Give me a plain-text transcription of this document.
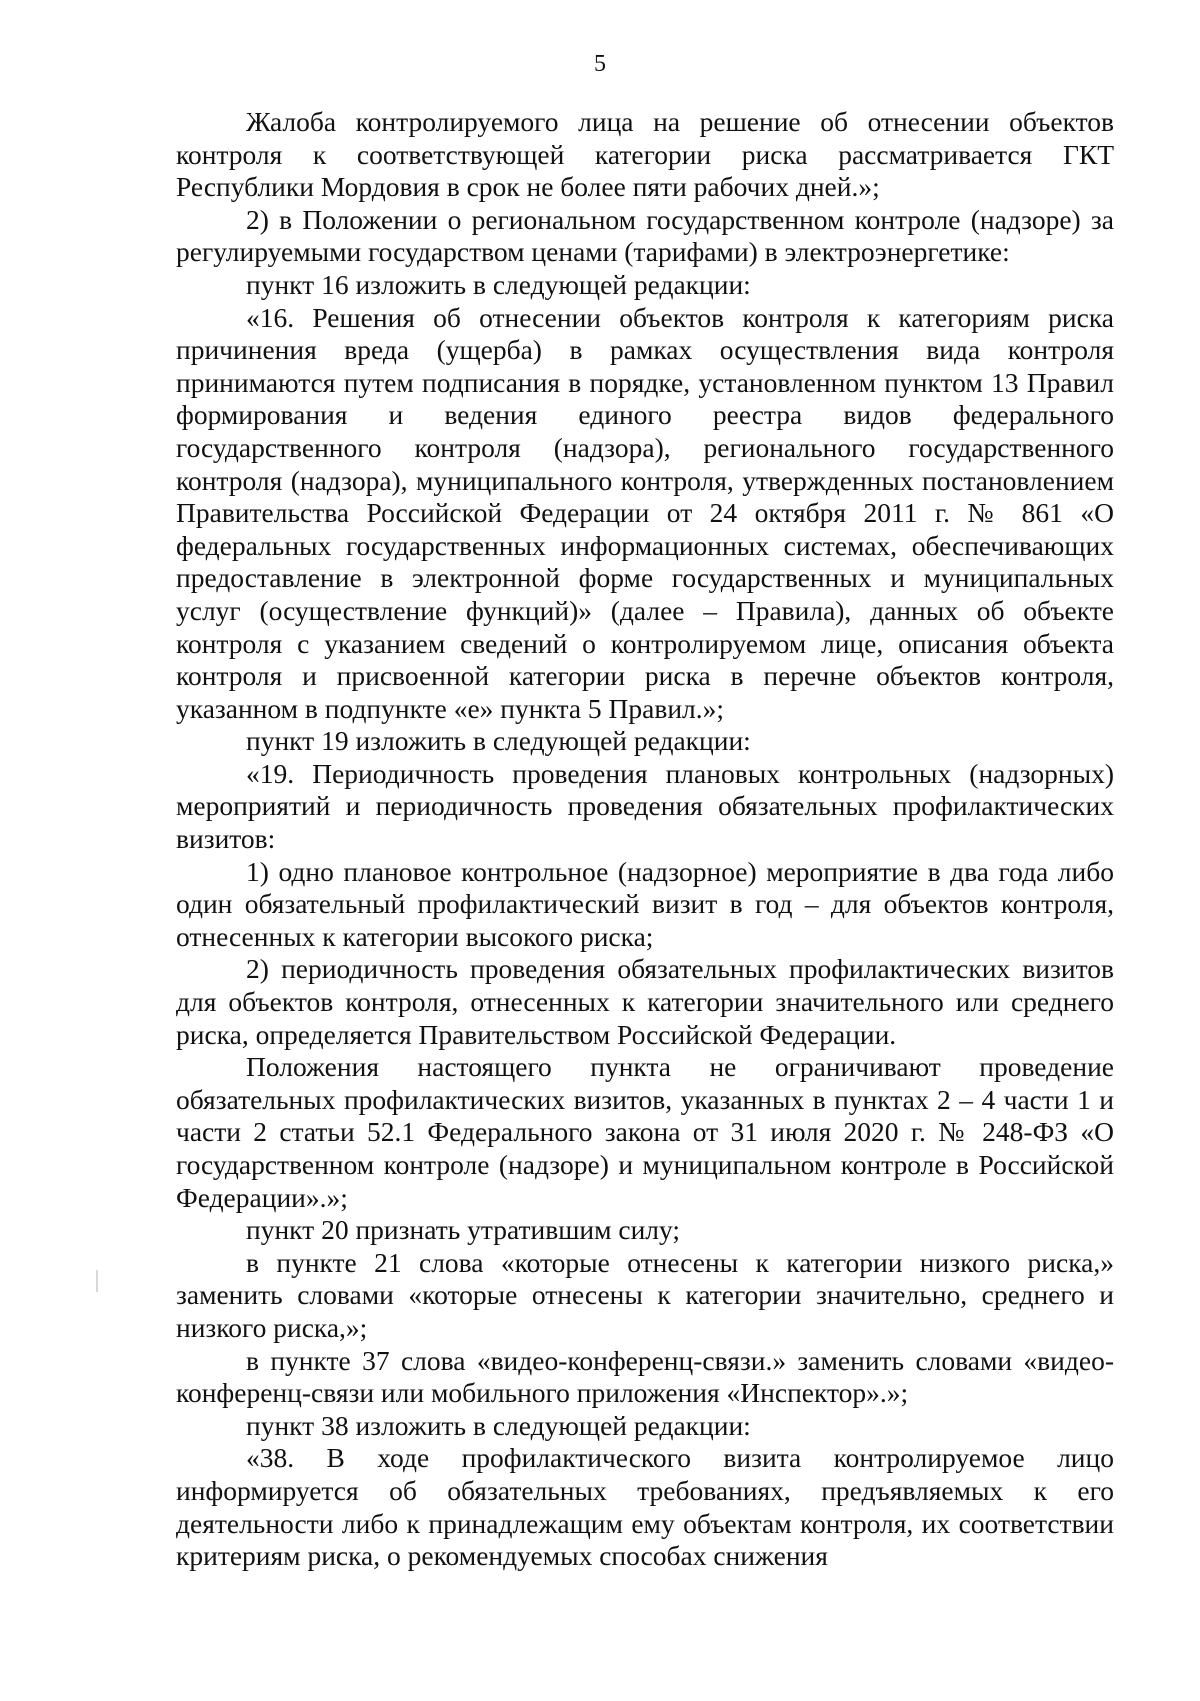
5

Жалоба контролируемого лица на решение об отнесении объектов контроля к соответствующей категории риска рассматривается ГКТ Республики Мордовия в срок не более пяти рабочих дней.»;

2) в Положении о региональном государственном контроле (надзоре) за регулируемыми государством ценами (тарифами) в электроэнергетике:

пункт 16 изложить в следующей редакции:

«16. Решения об отнесении объектов контроля к категориям риска причинения вреда (ущерба) в рамках осуществления вида контроля принимаются путем подписания в порядке, установленном пунктом 13 Правил формирования и ведения единого реестра видов федерального государственного контроля (надзора), регионального государственного контроля (надзора), муниципального контроля, утвержденных постановлением Правительства Российской Федерации от 24 октября 2011 г. № 861 «О федеральных государственных информационных системах, обеспечивающих предоставление в электронной форме государственных и муниципальных услуг (осуществление функций)» (далее – Правила), данных об объекте контроля с указанием сведений о контролируемом лице, описания объекта контроля и присвоенной категории риска в перечне объектов контроля, указанном в подпункте «е» пункта 5 Правил.»;

пункт 19 изложить в следующей редакции:

«19. Периодичность проведения плановых контрольных (надзорных) мероприятий и периодичность проведения обязательных профилактических визитов:

1) одно плановое контрольное (надзорное) мероприятие в два года либо один обязательный профилактический визит в год – для объектов контроля, отнесенных к категории высокого риска;

2) периодичность проведения обязательных профилактических визитов для объектов контроля, отнесенных к категории значительного или среднего риска, определяется Правительством Российской Федерации.

Положения настоящего пункта не ограничивают проведение обязательных профилактических визитов, указанных в пунктах 2 – 4 части 1 и части 2 статьи 52.1 Федерального закона от 31 июля 2020 г. № 248-ФЗ «О государственном контроле (надзоре) и муниципальном контроле в Российской Федерации».»;

пункт 20 признать утратившим силу;

в пункте 21 слова «которые отнесены к категории низкого риска,» заменить словами «которые отнесены к категории значительно, среднего и низкого риска,»;

в пункте 37 слова «видео-конференц-связи.» заменить словами «видео-конференц-связи или мобильного приложения «Инспектор».»;

пункт 38 изложить в следующей редакции:

«38. В ходе профилактического визита контролируемое лицо информируется об обязательных требованиях, предъявляемых к его деятельности либо к принадлежащим ему объектам контроля, их соответствии критериям риска, о рекомендуемых способах снижения
